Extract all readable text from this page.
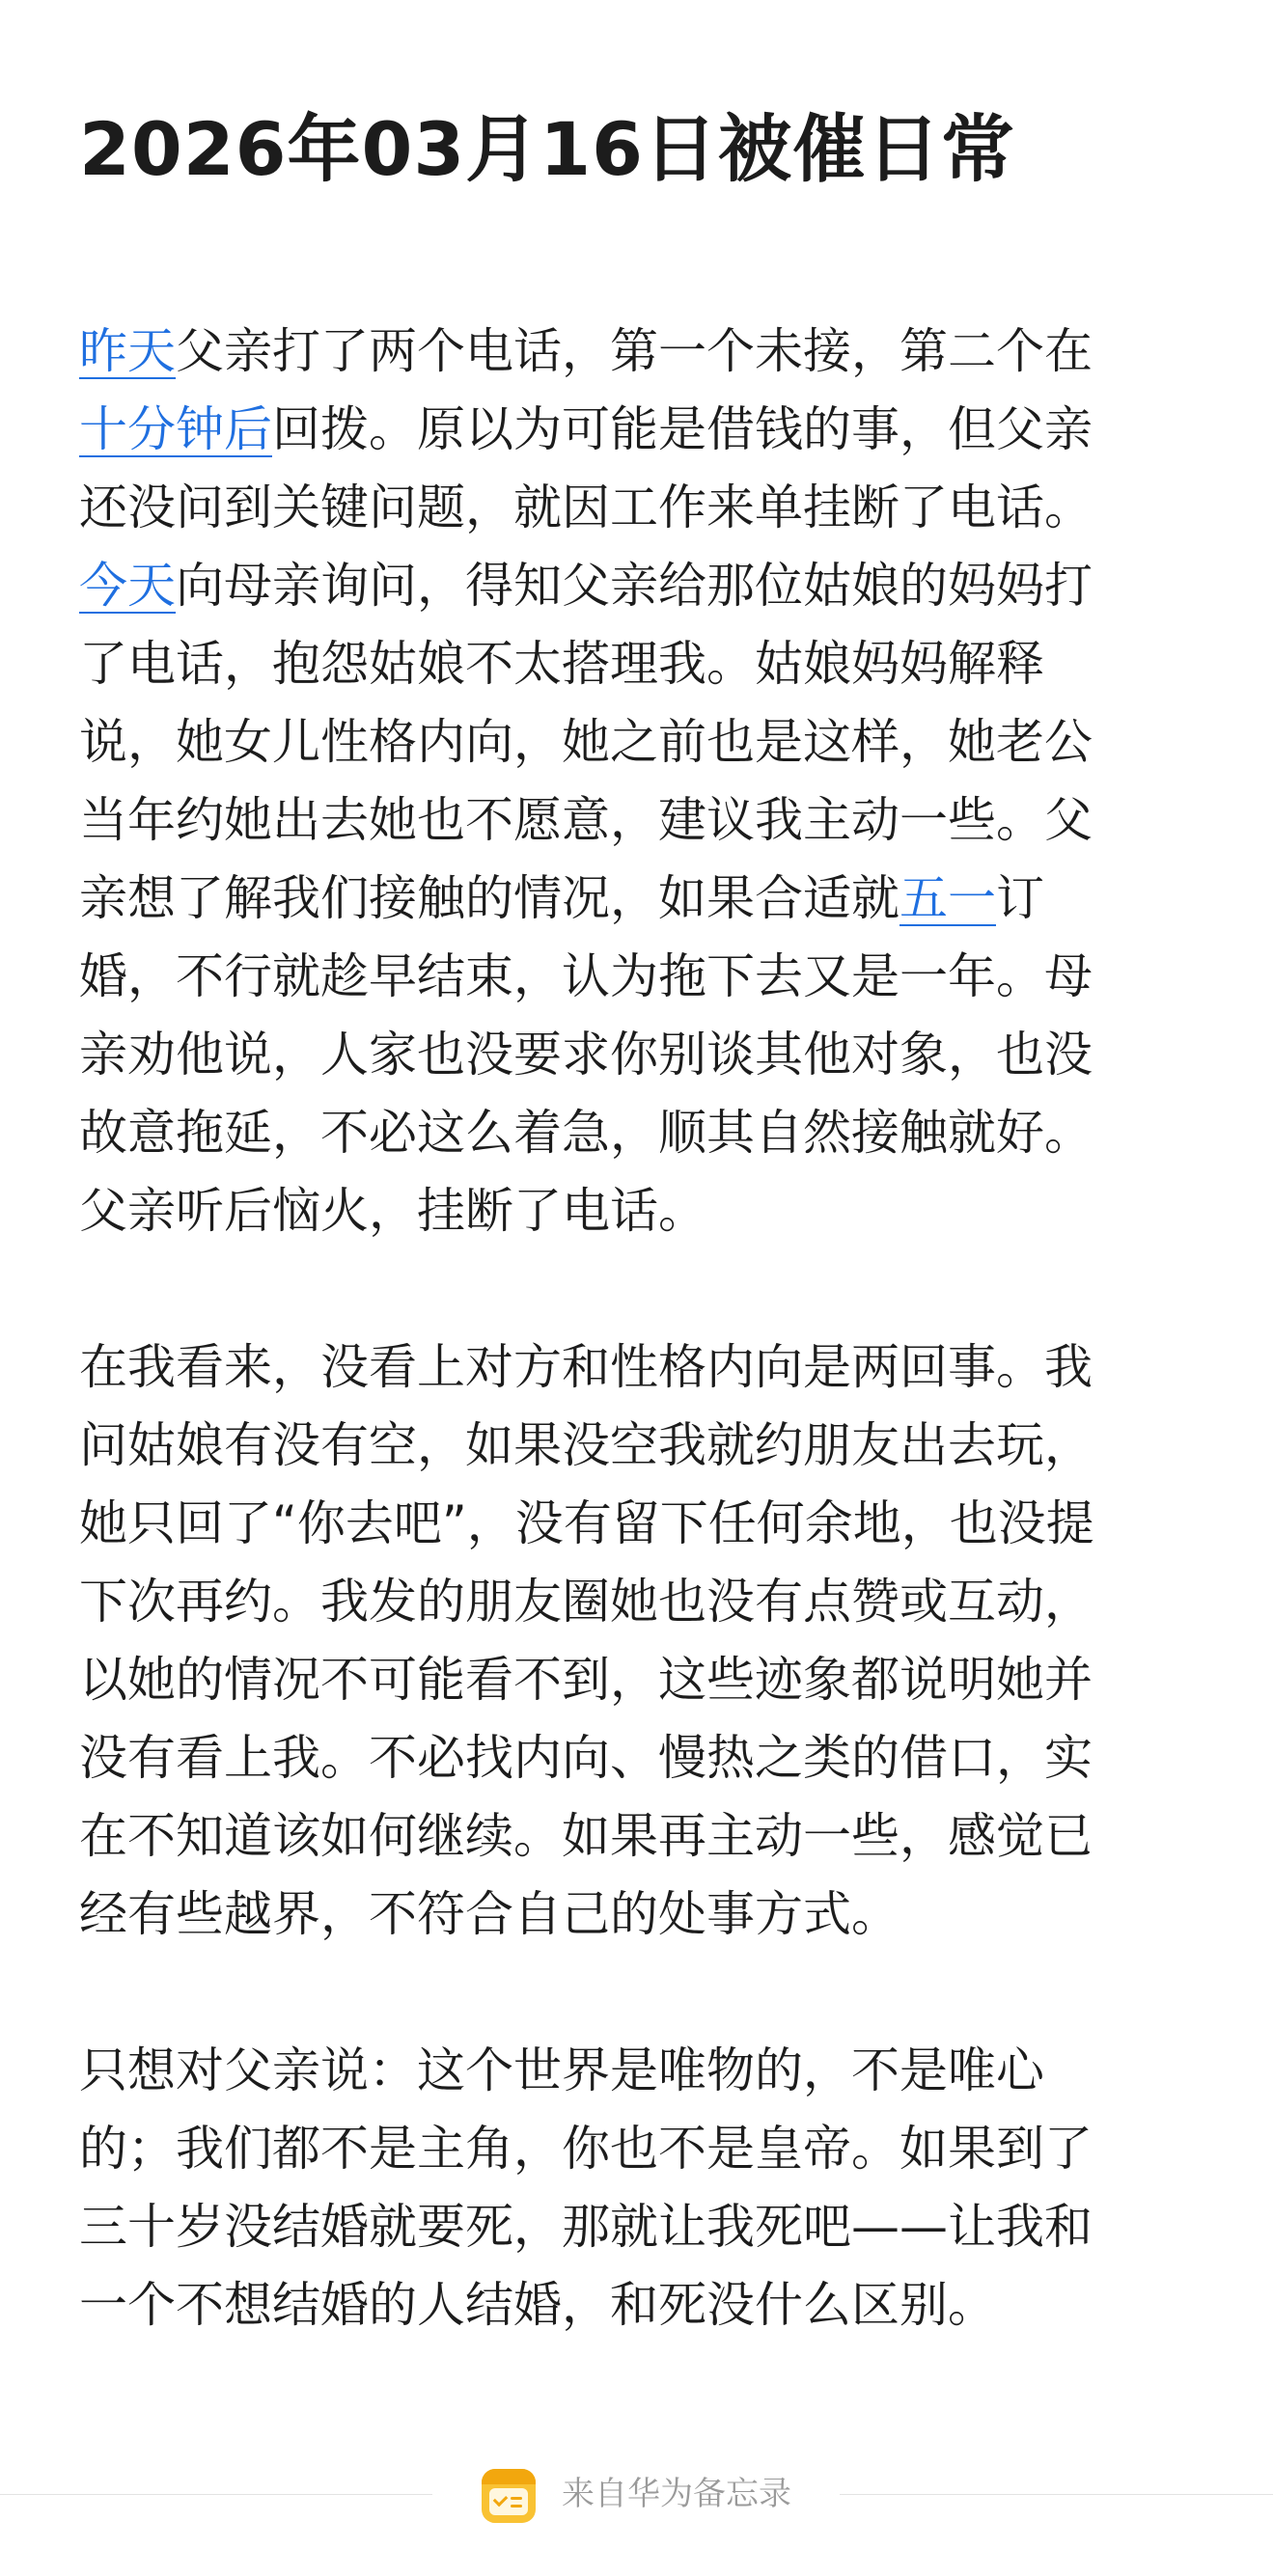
2026年03月16日被催日常

昨天父亲打了两个电话，第一个未接，第二个在
十分钟后回拨。原以为可能是借钱的事，但父亲
还没问到关键问题，就因工作来单挂断了电话。
今天向母亲询问，得知父亲给那位姑娘的妈妈打
了电话，抱怨姑娘不太搭理我。姑娘妈妈解释
说，她女儿性格内向，她之前也是这样，她老公
当年约她出去她也不愿意，建议我主动一些。父
亲想了解我们接触的情况，如果合适就五一订
婚，不行就趁早结束，认为拖下去又是一年。母
亲劝他说，人家也没要求你别谈其他对象，也没
故意拖延，不必这么着急，顺其自然接触就好。
父亲听后恼火，挂断了电话。

在我看来，没看上对方和性格内向是两回事。我
问姑娘有没有空，如果没空我就约朋友出去玩，
她只回了“你去吧”，没有留下任何余地，也没提
下次再约。我发的朋友圈她也没有点赞或互动，
以她的情况不可能看不到，这些迹象都说明她并
没有看上我。不必找内向、慢热之类的借口，实
在不知道该如何继续。如果再主动一些，感觉已
经有些越界，不符合自己的处事方式。

只想对父亲说：这个世界是唯物的，不是唯心
的；我们都不是主角，你也不是皇帝。如果到了
三十岁没结婚就要死，那就让我死吧——让我和
一个不想结婚的人结婚，和死没什么区别。

来自华为备忘录
